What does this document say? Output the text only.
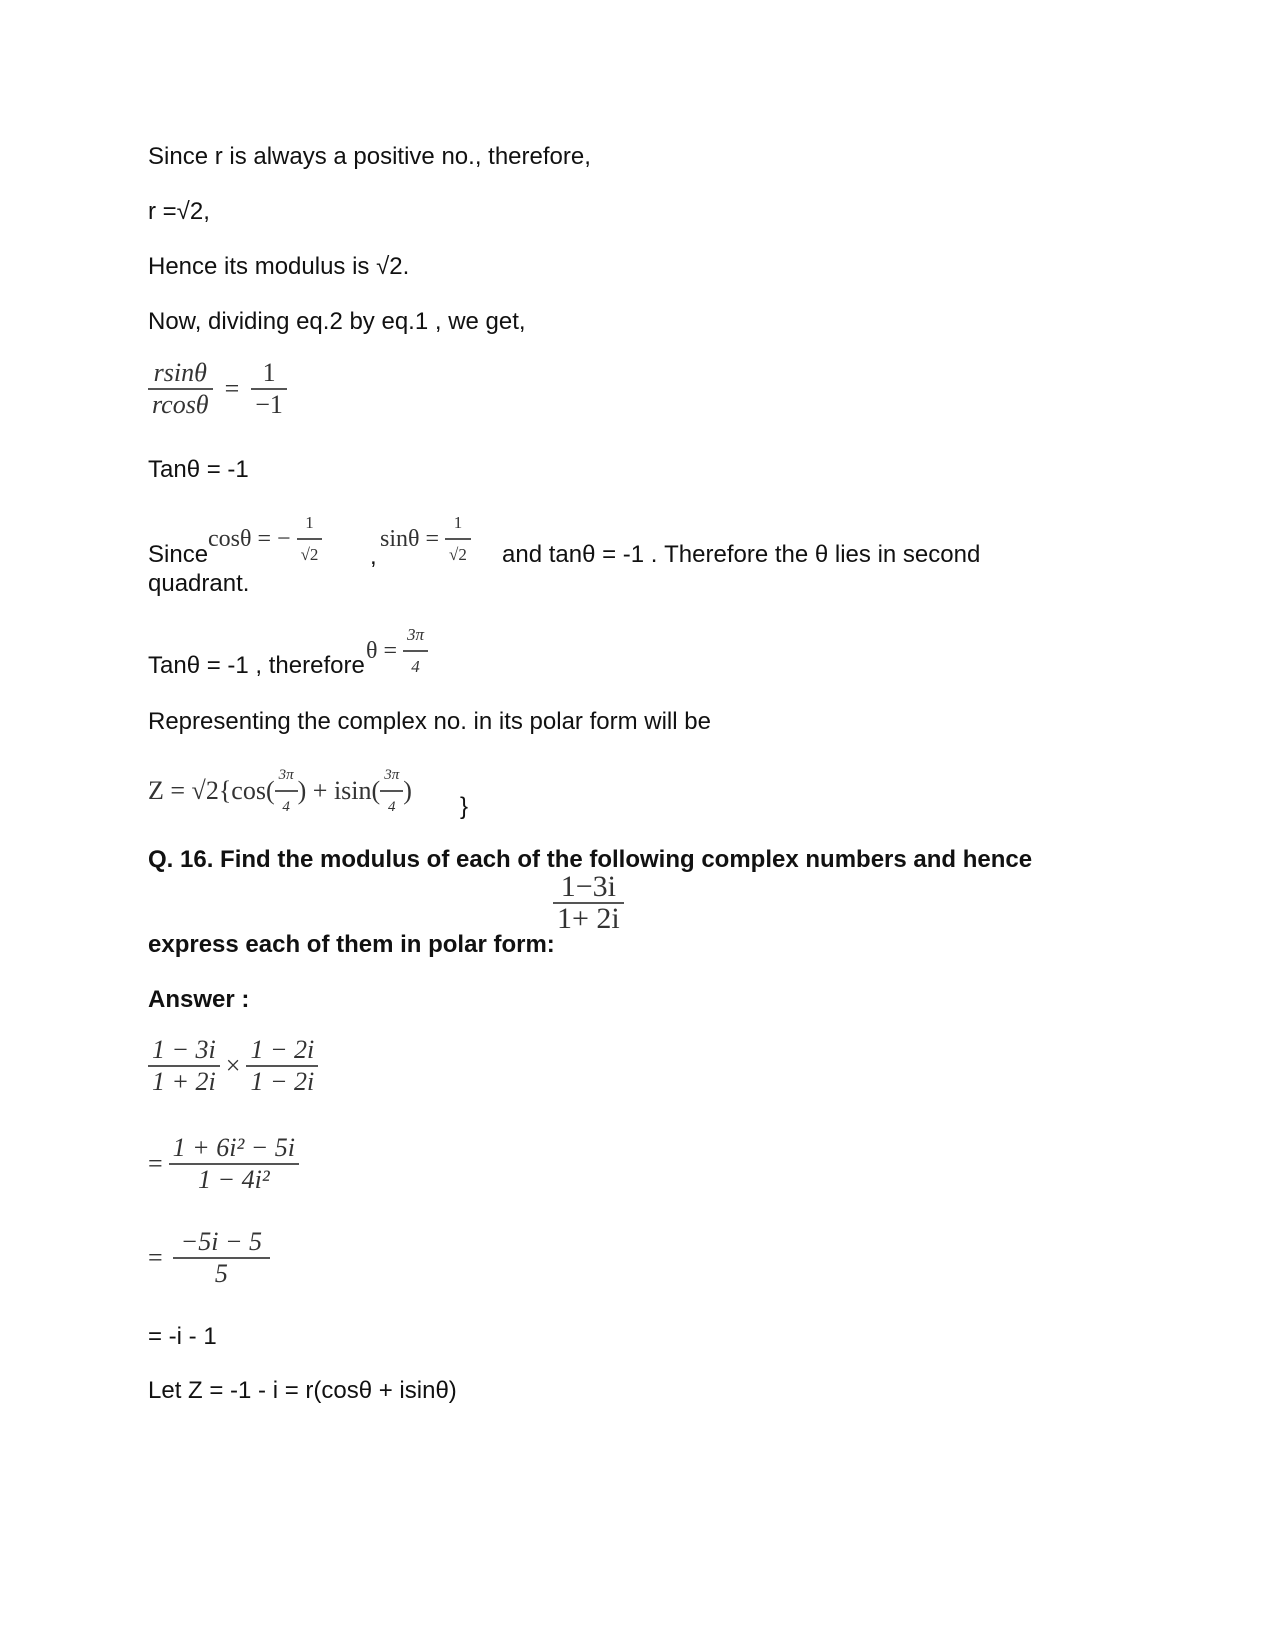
Since r is always a positive no., therefore,
r =√2,
Hence its modulus is √2.
Now, dividing eq.2 by eq.1 , we get,
$\frac{rsin\theta}{rcos\theta} = \frac{1}{-1}$
Tanθ = -1
Since
cosθ = − $\frac{1}{√2}$ ,
$\sin\theta = \frac{1}{√2}$ and tanθ = -1 . Therefore the θ lies in second
quadrant.
Tanθ = -1 , therefore
$\theta = \frac{3\pi}{4}$
Representing the complex no. in its polar form will be
$Z = √2\{\cos( \frac{3\pi}{4}$ ) + $isin( \frac{3\pi}{4}$ )
}
Q. 16. Find the modulus of each of the following complex numbers and hence
express each of them in polar form:
$\frac{1-3i}{1+ 2i}$
Answer :
$\frac{1 - 3i}{1 + 2i} \times \frac{1 - 2i}{1 - 2i}$
= $\frac{\text{1 + 6i² − 5i}}{\text{1 − 4i²}}$
= $\frac{-5i - 5}{5}$
= -i - 1
Let Z = -1 - i = r(cosθ + isinθ)
